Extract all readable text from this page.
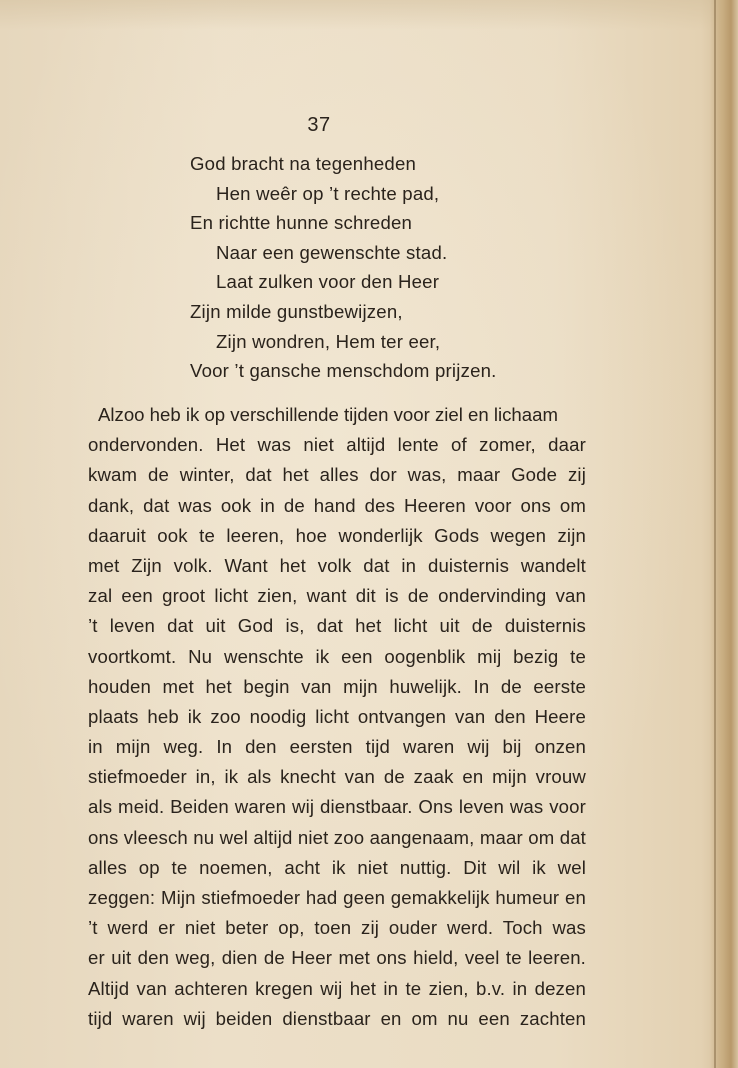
37
God bracht na tegenheden
Hen weêr op ’t rechte pad,
En richtte hunne schreden
Naar een gewenschte stad.
Laat zulken voor den Heer
Zijn milde gunstbewijzen,
Zijn wondren, Hem ter eer,
Voor ’t gansche menschdom prijzen.
Alzoo heb ik op verschillende tijden voor ziel en lichaam
ondervonden. Het was niet altijd lente of zomer, daar
kwam de winter, dat het alles dor was, maar Gode zij
dank, dat was ook in de hand des Heeren voor ons om
daaruit ook te leeren, hoe wonderlijk Gods wegen zijn
met Zijn volk. Want het volk dat in duisternis wandelt
zal een groot licht zien, want dit is de ondervinding van
’t leven dat uit God is, dat het licht uit de duisternis
voortkomt. Nu wenschte ik een oogenblik mij bezig te
houden met het begin van mijn huwelijk. In de eerste
plaats heb ik zoo noodig licht ontvangen van den Heere
in mijn weg. In den eersten tijd waren wij bij onzen
stiefmoeder in, ik als knecht van de zaak en mijn vrouw
als meid. Beiden waren wij dienstbaar. Ons leven was voor
ons vleesch nu wel altijd niet zoo aangenaam, maar om dat
alles op te noemen, acht ik niet nuttig. Dit wil ik wel
zeggen: Mijn stiefmoeder had geen gemakkelijk humeur en
’t werd er niet beter op, toen zij ouder werd. Toch was
er uit den weg, dien de Heer met ons hield, veel te leeren.
Altijd van achteren kregen wij het in te zien, b.v. in dezen
tijd waren wij beiden dienstbaar en om nu een zachten
